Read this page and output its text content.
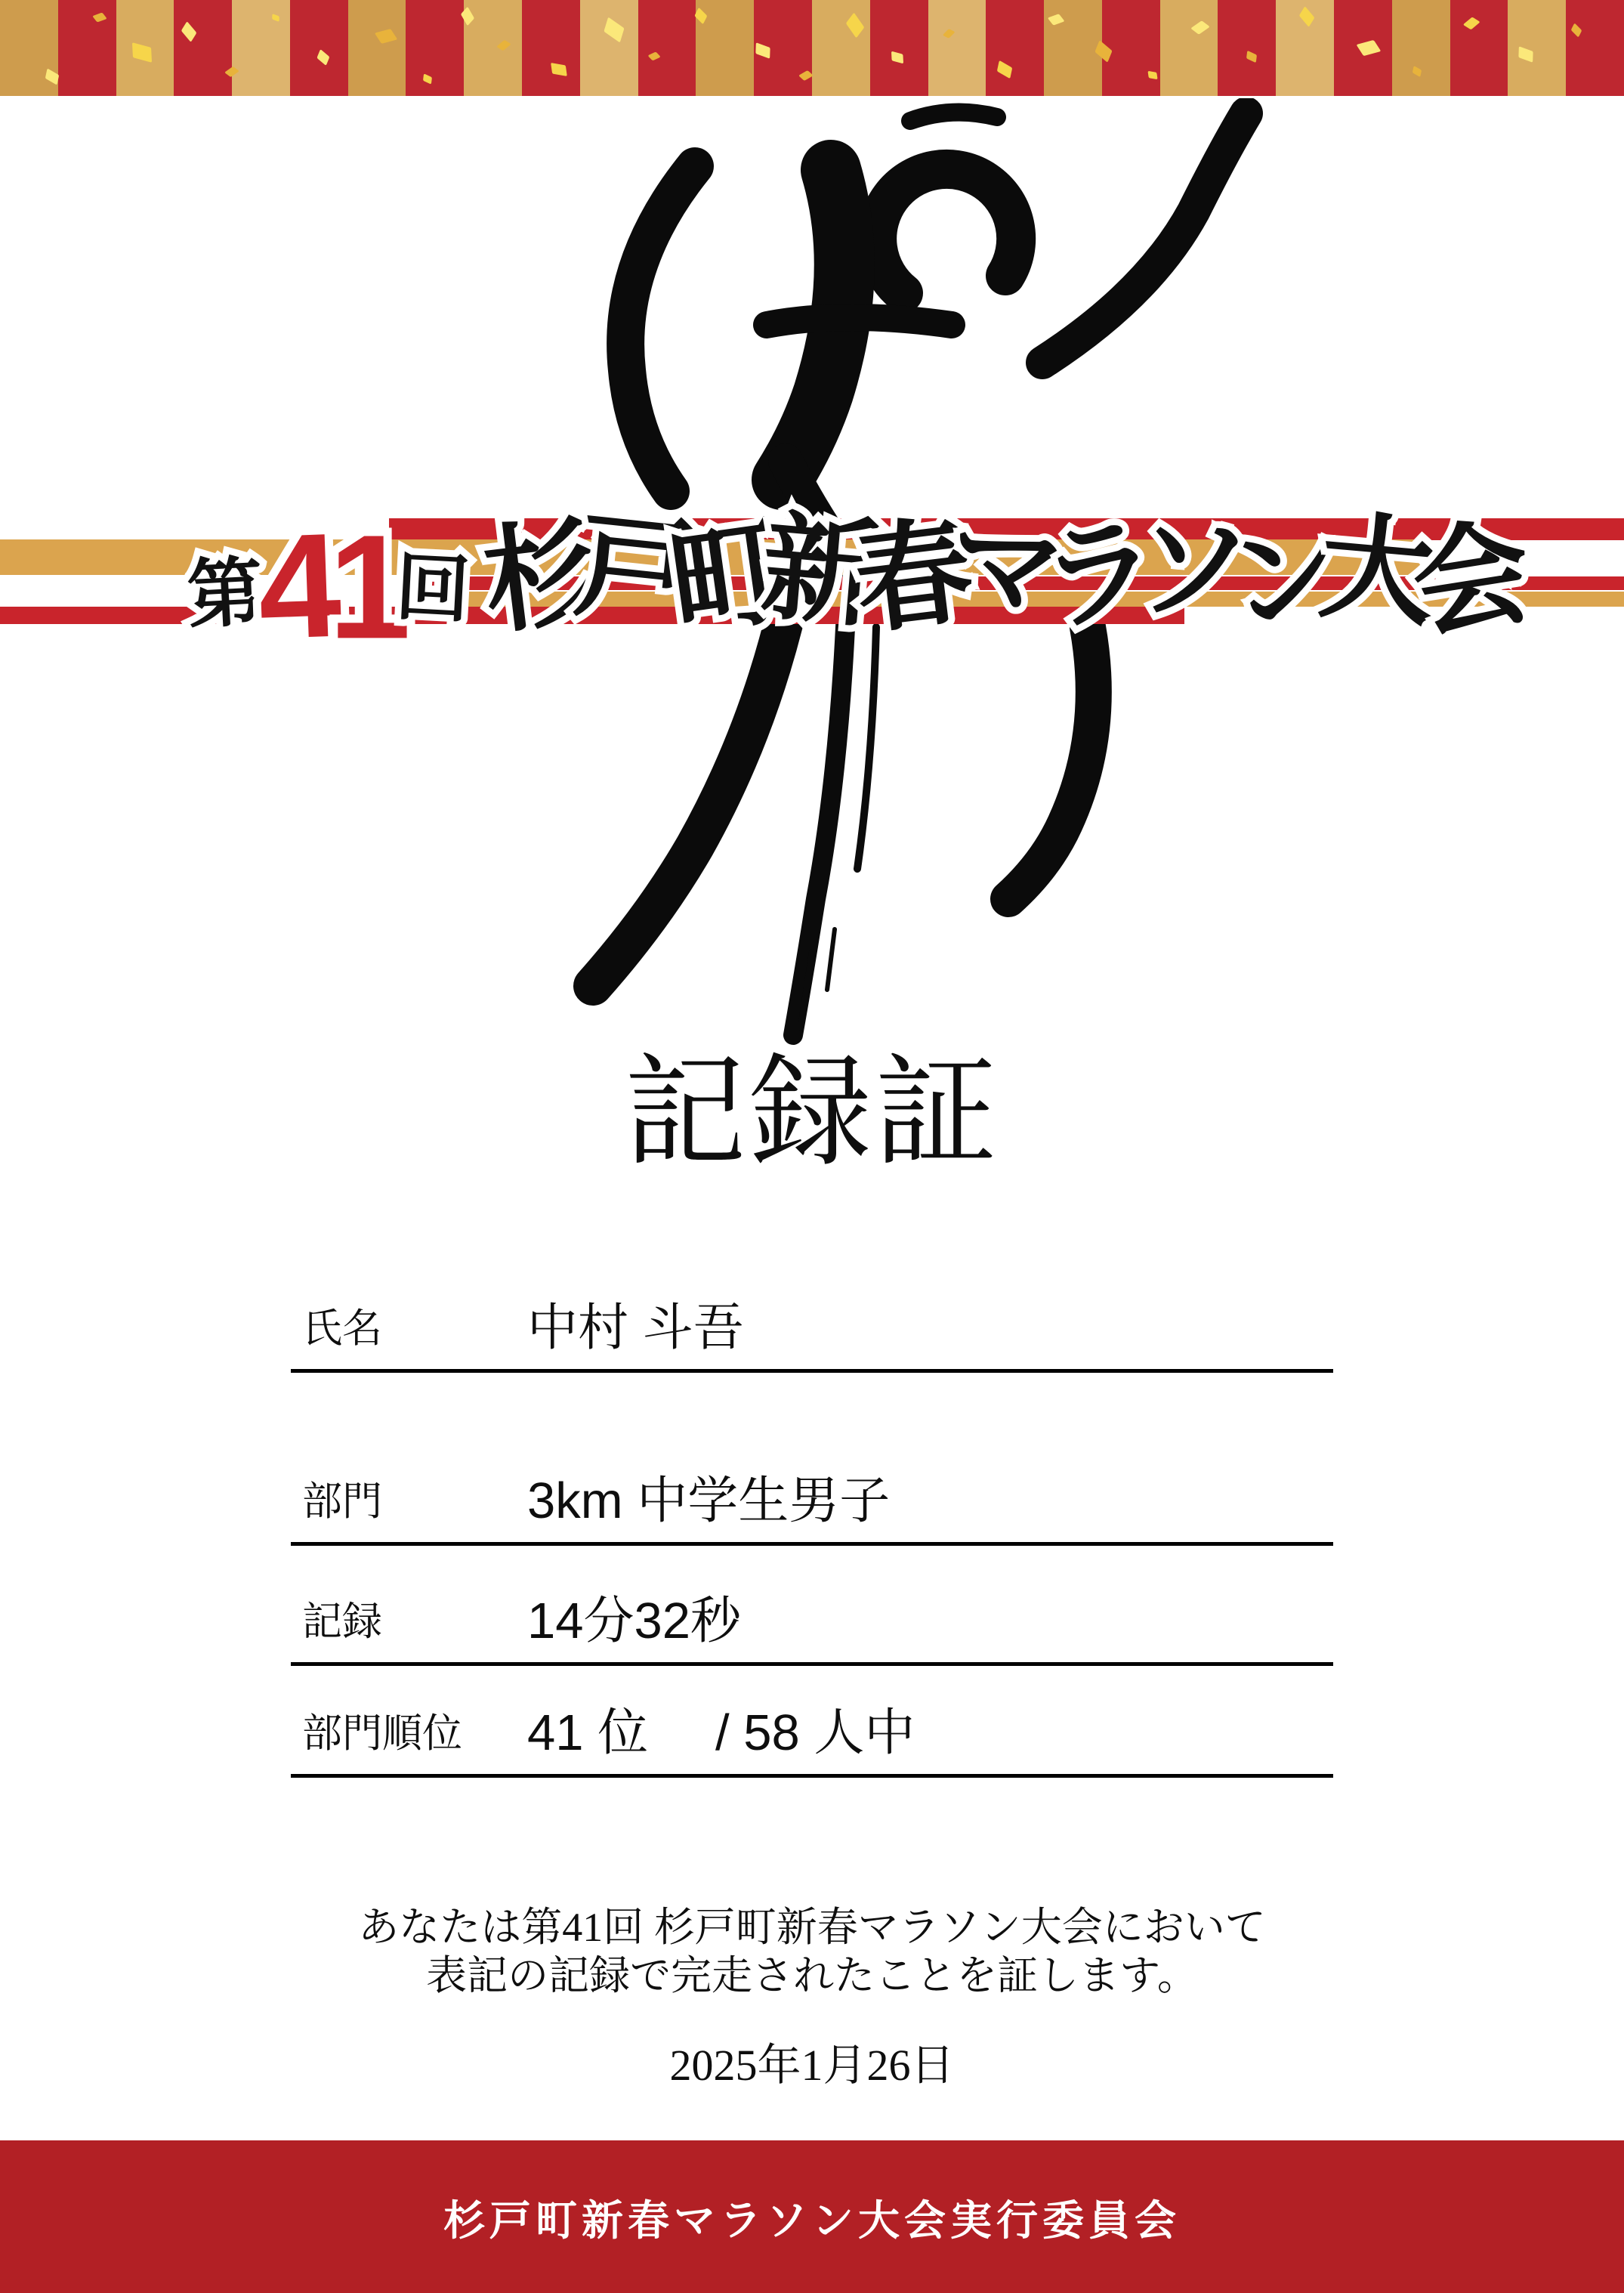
第 第
4 41 1
回 回 杉 杉
戸 戸
町 町
新 新
春 春
マ マ
ラ ラ
ソ ソ
ン ン
大 大
会 会
記録証
氏名	中村 斗吾
部門	3km 中学生男子
記録	14分32秒
部門順位 41 位 / 58 人中
あなたは第41回 杉戸町新春マラソン大会において
表記の記録で完走されたことを証します。
2025年1月26日
杉戸町新春マラソン大会実行委員会
